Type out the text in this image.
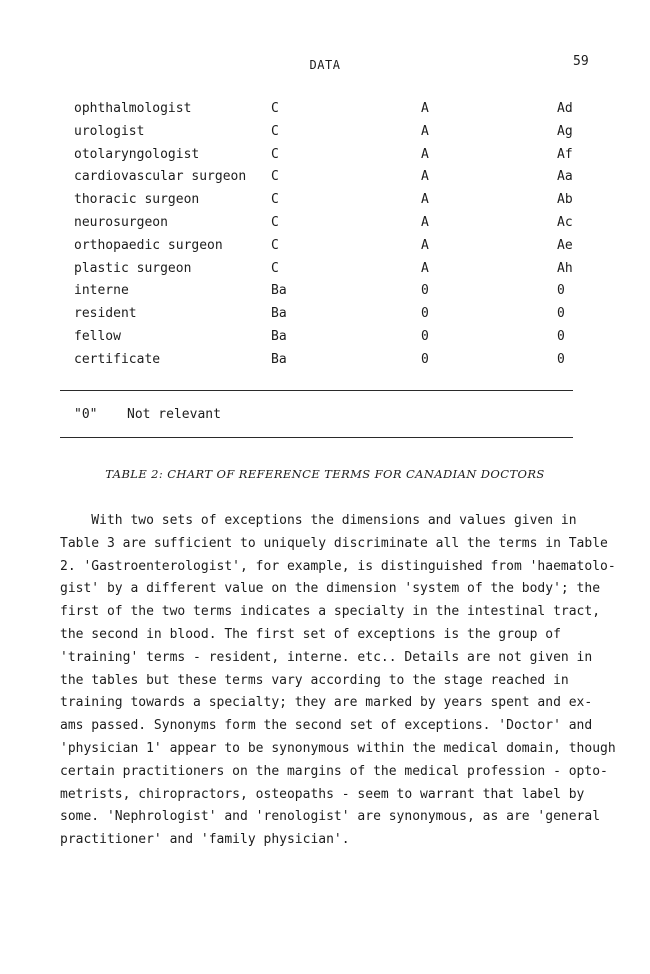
DATA	59
ophthalmologist	C	A	Ad
urologist	C	A	Ag
otolaryngologist	C	A	Af
cardiovascular surgeon C	A	Aa
thoracic surgeon	C	A	Ab
neurosurgeon	C	A	Ac
orthopaedic surgeon	C	A	Ae
plastic surgeon	C	A	Ah
interne	Ba	0	0
resident	Ba	0	0
fellow	Ba	0	0
certificate	Ba	0	0
"0" Not relevant
TABLE 2: CHART OF REFERENCE TERMS FOR CANADIAN DOCTORS
With two sets of exceptions the dimensions and values given in
Table 3 are sufficient to uniquely discriminate all the terms in Table
2. 'Gastroenterologist', for example, is distinguished from 'haematolo-
gist' by a different value on the dimension 'system of the body'; the
first of the two terms indicates a specialty in the intestinal tract,
the second in blood. The first set of exceptions is the group of
'training' terms - resident, interne. etc.. Details are not given in
the tables but these terms vary according to the stage reached in
training towards a specialty; they are marked by years spent and ex-
ams passed. Synonyms form the second set of exceptions. 'Doctor' and
'physician 1' appear to be synonymous within the medical domain, though
certain practitioners on the margins of the medical profession - opto-
metrists, chiropractors, osteopaths - seem to warrant that label by
some. 'Nephrologist' and 'renologist' are synonymous, as are 'general
practitioner' and 'family physician'.
